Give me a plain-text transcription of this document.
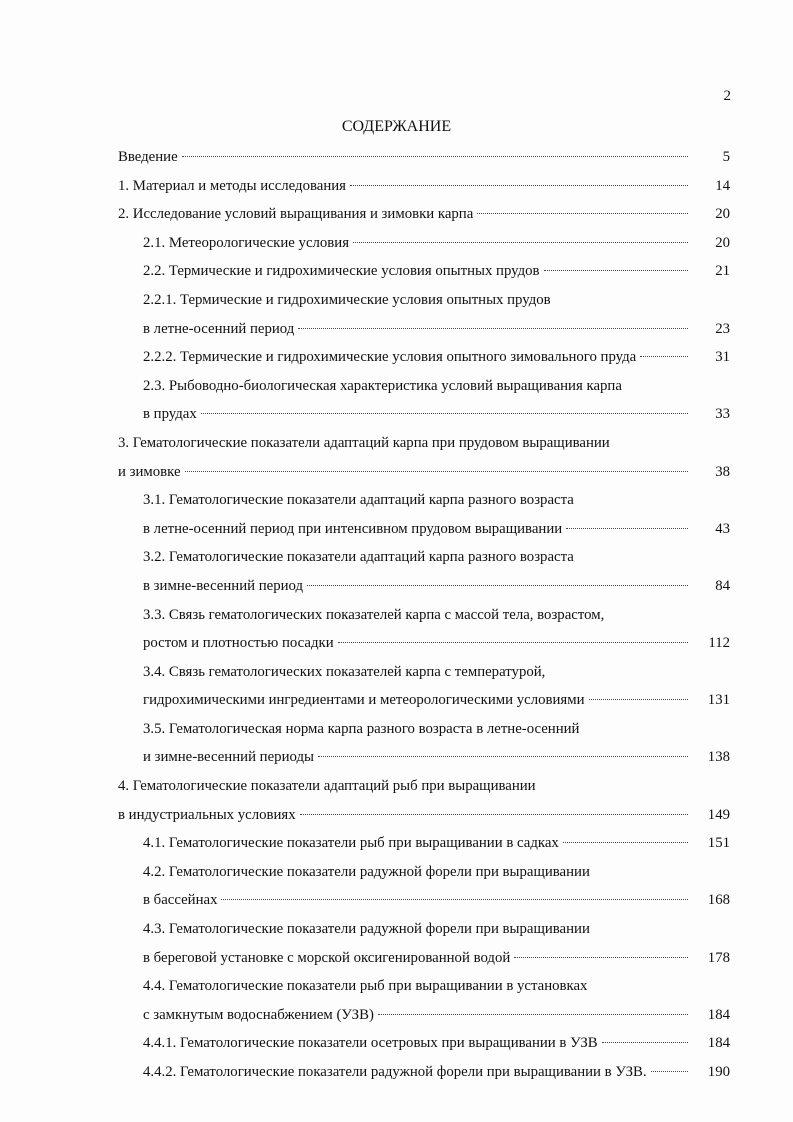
2
СОДЕРЖАНИЕ
Введение	5
1. Материал и методы исследования	14
2. Исследование условий выращивания и зимовки карпа	20
2.1. Метеорологические условия	20
2.2. Термические и гидрохимические условия опытных прудов	21
2.2.1. Термические и гидрохимические условия опытных прудов
в летне-осенний период	23
2.2.2. Термические и гидрохимические условия опытного зимовального пруда	31
2.3. Рыбоводно-биологическая характеристика условий выращивания карпа
в прудах	33
3. Гематологические показатели адаптаций карпа при прудовом выращивании
и зимовке	38
3.1. Гематологические показатели адаптаций карпа разного возраста
в летне-осенний период при интенсивном прудовом выращивании	43
3.2. Гематологические показатели адаптаций карпа разного возраста
в зимне-весенний период	84
3.3. Связь гематологических показателей карпа с массой тела, возрастом,
ростом и плотностью посадки	112
3.4. Связь гематологических показателей карпа с температурой,
гидрохимическими ингредиентами и метеорологическими условиями	131
3.5. Гематологическая норма карпа разного возраста в летне-осенний
и зимне-весенний периоды	138
4. Гематологические показатели адаптаций рыб при выращивании
в индустриальных условиях	149
4.1. Гематологические показатели рыб при выращивании в садках	151
4.2. Гематологические показатели радужной форели при выращивании
в бассейнах	168
4.3. Гематологические показатели радужной форели при выращивании
в береговой установке с морской оксигенированной водой	178
4.4. Гематологические показатели рыб при выращивании в установках
с замкнутым водоснабжением (УЗВ)	184
4.4.1. Гематологические показатели осетровых при выращивании в УЗВ	184
4.4.2. Гематологические показатели радужной форели при выращивании в УЗВ.	190
